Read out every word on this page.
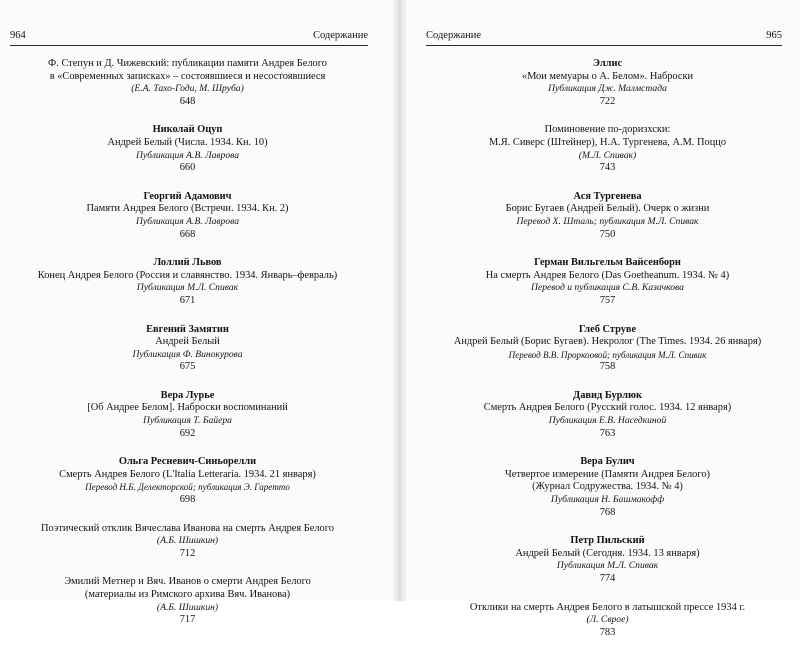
964	Содержание
Ф. Степун и Д. Чижевский: публикации памяти Андрея Белого
в «Современных записках» – состоявшиеся и несостоявшиеся
(Е.А. Тахо-Годи, М. Шруба)
648
Николай Оцуп
Андрей Белый (Числа. 1934. Кн. 10)
Публикация А.В. Лаврова
660
Георгий Адамович
Памяти Андрея Белого (Встречи. 1934. Кн. 2)
Публикация А.В. Лаврова
668
Лоллий Львов
Конец Андрея Белого (Россия и славянство. 1934. Январь–февраль)
Публикация М.Л. Спивак
671
Евгений Замятин
Андрей Белый
Публикация Ф. Винокурова
675
Вера Лурье
[Об Андрее Белом]. Наброски воспоминаний
Публикация Т. Байера
692
Ольга Ресневич-Синьорелли
Смерть Андрея Белого (L'Italia Letteraria. 1934. 21 января)
Перевод Н.Б. Делекторской; публикация Э. Гаретто
698
Поэтический отклик Вячеслава Иванова на смерть Андрея Белого
(А.Б. Шишкин)
712
Эмилий Метнер и Вяч. Иванов о смерти Андрея Белого
(материалы из Римского архива Вяч. Иванова)
(А.Б. Шишкин)
717
Содержание	965
Эллис
«Мои мемуары о А. Белом». Наброски
Публикация Дж. Малмстада
722
Поминовение по-доризхски:
М.Я. Сиверс (Штейнер), Н.А. Тургенева, А.М. Поццо
(М.Л. Спивак)
743
Ася Тургенева
Борис Бугаев (Андрей Белый). Очерк о жизни
Перевод Х. Шталь; публикация М.Л. Спивак
750
Герман Вильгельм Вайсенборн
На смерть Андрея Белого (Das Goetheanum. 1934. № 4)
Перевод и публикация С.В. Казачкова
757
Глеб Струве
Андрей Белый (Борис Бугаев). Некролог (The Times. 1934. 26 января)
Перевод В.В. Проркоовой; публикация М.Л. Спивак
758
Давид Бурлюк
Смерть Андрея Белого (Русский голос. 1934. 12 января)
Публикация Е.В. Наседкиной
763
Вера Булич
Четвертое измерение (Памяти Андрея Белого)
(Журнал Содружества. 1934. № 4)
Публикация Н. Башмакофф
768
Петр Пильский
Андрей Белый (Сегодня. 1934. 13 января)
Публикация М.Л. Спивак
774
Отклики на смерть Андрея Белого в латышской прессе 1934 г.
(Л. Сврое)
783
